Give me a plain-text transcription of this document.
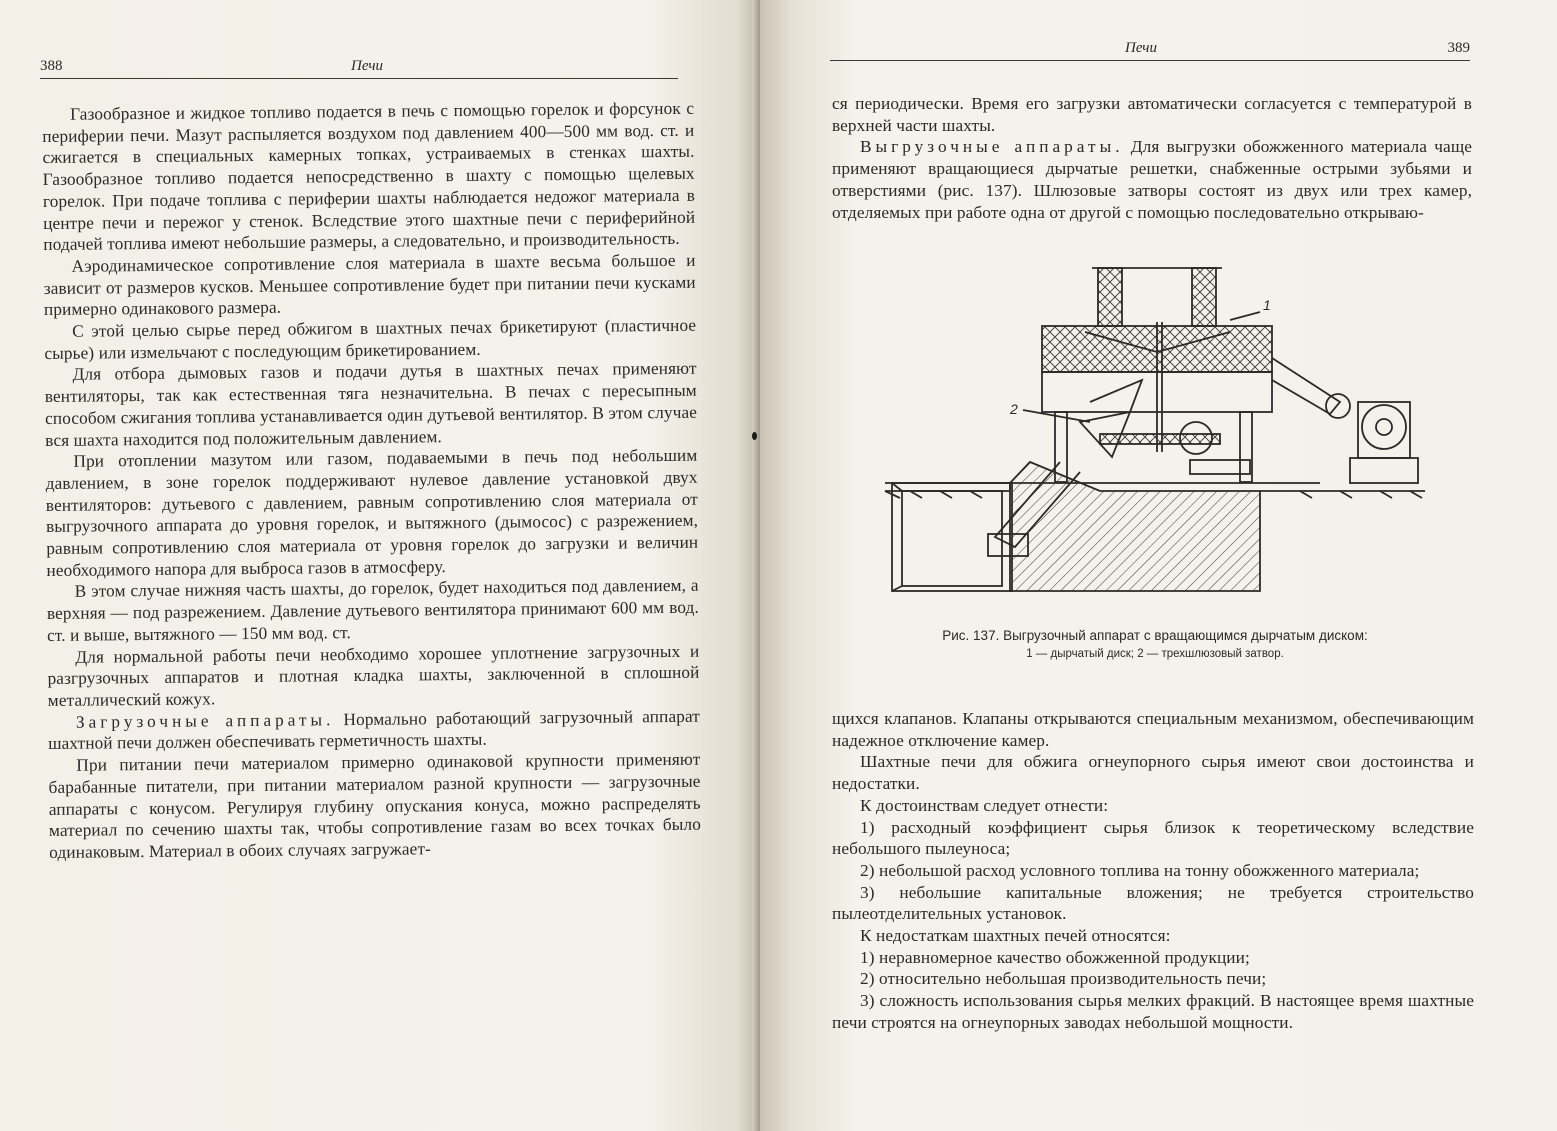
388	Печи

Газообразное и жидкое топливо подается в печь с помощью горелок и форсунок с периферии печи. Мазут распыляется воздухом под давлением 400—500 мм вод. ст. и сжигается в специальных камерных топках, устраиваемых в стенках шахты. Газообразное топливо подается непосредственно в шахту с помощью щелевых горелок. При подаче топлива с периферии шахты наблюдается недожог материала в центре печи и пережог у стенок. Вследствие этого шахтные печи с периферийной подачей топлива имеют небольшие размеры, а следовательно, и производительность.

Аэродинамическое сопротивление слоя материала в шахте весьма большое и зависит от размеров кусков. Меньшее сопротивление будет при питании печи кусками примерно одинакового размера.

С этой целью сырье перед обжигом в шахтных печах брикетируют (пластичное сырье) или измельчают с последующим брикетированием.

Для отбора дымовых газов и подачи дутья в шахтных печах применяют вентиляторы, так как естественная тяга незначительна. В печах с пересыпным способом сжигания топлива устанавливается один дутьевой вентилятор. В этом случае вся шахта находится под положительным давлением.

При отоплении мазутом или газом, подаваемыми в печь под небольшим давлением, в зоне горелок поддерживают нулевое давление установкой двух вентиляторов: дутьевого с давлением, равным сопротивлению слоя материала от выгрузочного аппарата до уровня горелок, и вытяжного (дымосос) с разрежением, равным сопротивлению слоя материала от уровня горелок до загрузки и величин необходимого напора для выброса газов в атмосферу.

В этом случае нижняя часть шахты, до горелок, будет находиться под давлением, а верхняя — под разрежением. Давление дутьевого вентилятора принимают 600 мм вод. ст. и выше, вытяжного — 150 мм вод. ст.

Для нормальной работы печи необходимо хорошее уплотнение загрузочных и разгрузочных аппаратов и плотная кладка шахты, заключенной в сплошной металлический кожух.

Загрузочные аппараты. Нормально работающий загрузочный аппарат шахтной печи должен обеспечивать герметичность шахты.

При питании печи материалом примерно одинаковой крупности применяют барабанные питатели, при питании материалом разной крупности — загрузочные аппараты с конусом. Регулируя глубину опускания конуса, можно распределять материал по сечению шахты так, чтобы сопротивление газам во всех точках было одинаковым. Материал в обоих случаях загружает-

Печи	389

ся периодически. Время его загрузки автоматически согласуется с температурой в верхней части шахты.

Выгрузочные аппараты. Для выгрузки обожженного материала чаще применяют вращающиеся дырчатые решетки, снабженные острыми зубьями и отверстиями (рис. 137). Шлюзовые затворы состоят из двух или трех камер, отделяемых при работе одна от другой с помощью последовательно открываю-

1
2
Рис. 137. Выгрузочный аппарат с вращающимся дырчатым диском:
1 — дырчатый диск; 2 — трехшлюзовый затвор.

щихся клапанов. Клапаны открываются специальным механизмом, обеспечивающим надежное отключение камер.

Шахтные печи для обжига огнеупорного сырья имеют свои достоинства и недостатки.

К достоинствам следует отнести:

1) расходный коэффициент сырья близок к теоретическому вследствие небольшого пылеуноса;

2) небольшой расход условного топлива на тонну обожженного материала;

3) небольшие капитальные вложения; не требуется строительство пылеотделительных установок.

К недостаткам шахтных печей относятся:

1) неравномерное качество обожженной продукции;

2) относительно небольшая производительность печи;

3) сложность использования сырья мелких фракций. В настоящее время шахтные печи строятся на огнеупорных заводах небольшой мощности.
